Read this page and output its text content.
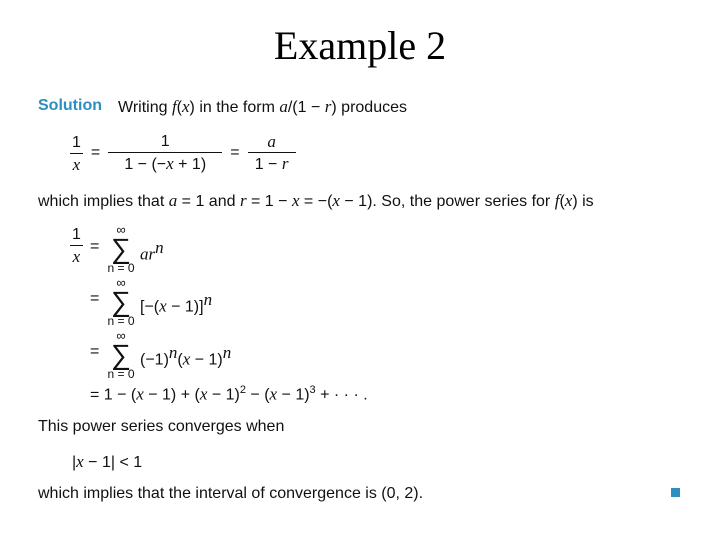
Example 2
Solution Writing f(x) in the form a/(1 − r) produces
$\frac{1}{x} = \frac{1}{1 - (-x + 1)} = \frac{a}{1 - r}$
which implies that a = 1 and r = 1 − x = −(x − 1). So, the power series for f(x) is
$\frac{1}{x}$ =
∞
∑
n = 0
$ar^n$
=
∞
∑
n = 0
$[-(x - 1)]^n$
=
∞
∑
n = 0
$(-1)^n(x - 1)^n$
= $1 - (x - 1) + (x - 1)^2 - (x - 1)^3$ + · · · .
This power series converges when
|x − 1| < 1
which implies that the interval of convergence is (0, 2).
